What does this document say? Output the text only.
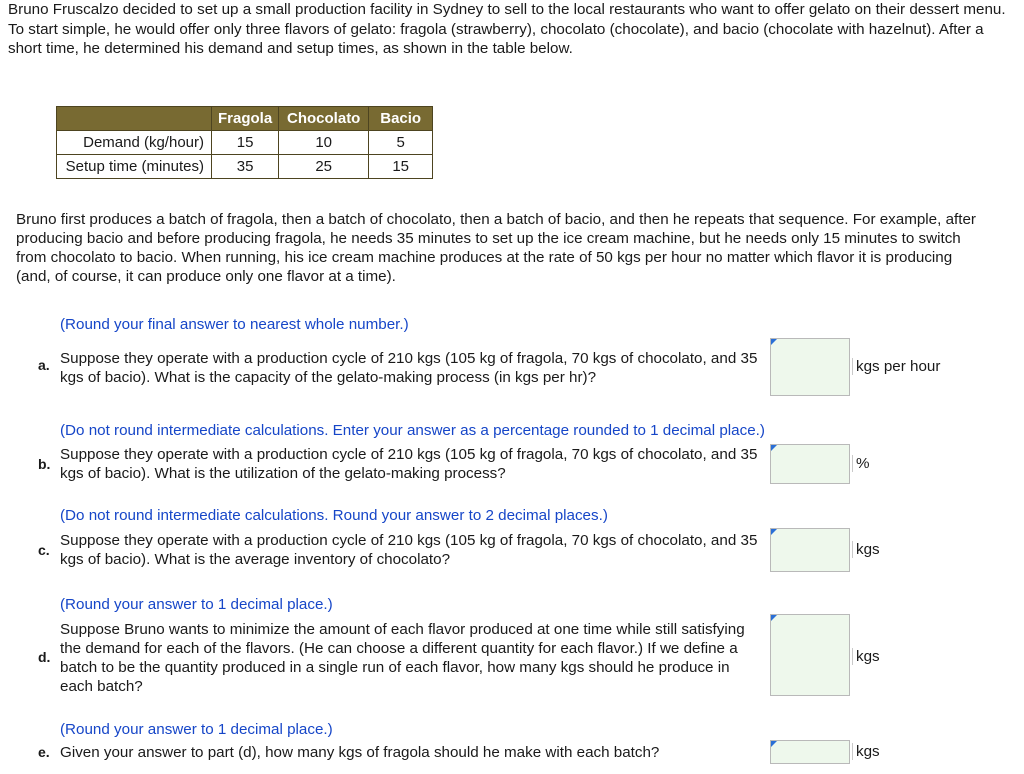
Bruno Fruscalzo decided to set up a small production facility in Sydney to sell to the local restaurants who want to offer gelato on their dessert menu. To start simple, he would offer only three flavors of gelato: fragola (strawberry), chocolato (chocolate), and bacio (chocolate with hazelnut). After a short time, he determined his demand and setup times, as shown in the table below.
	Fragola	Chocolato	Bacio
Demand (kg/hour)	15	10	5
Setup time (minutes)	35	25	15
Bruno first produces a batch of fragola, then a batch of chocolato, then a batch of bacio, and then he repeats that sequence. For example, after producing bacio and before producing fragola, he needs 35 minutes to set up the ice cream machine, but he needs only 15 minutes to switch from chocolato to bacio. When running, his ice cream machine produces at the rate of 50 kgs per hour no matter which flavor it is producing (and, of course, it can produce only one flavor at a time).
(Round your final answer to nearest whole number.)
a. Suppose they operate with a production cycle of 210 kgs (105 kg of fragola, 70 kgs of chocolato, and 35 kgs of bacio). What is the capacity of the gelato-making process (in kgs per hr)?
kgs per hour
(Do not round intermediate calculations. Enter your answer as a percentage rounded to 1 decimal place.)
b.
Suppose they operate with a production cycle of 210 kgs (105 kg of fragola, 70 kgs of chocolato, and 35 kgs of bacio). What is the utilization of the gelato-making process?
%
(Do not round intermediate calculations. Round your answer to 2 decimal places.)
c.
Suppose they operate with a production cycle of 210 kgs (105 kg of fragola, 70 kgs of chocolato, and 35 kgs of bacio). What is the average inventory of chocolato?
kgs
(Round your answer to 1 decimal place.)
d.
Suppose Bruno wants to minimize the amount of each flavor produced at one time while still satisfying the demand for each of the flavors. (He can choose a different quantity for each flavor.) If we define a batch to be the quantity produced in a single run of each flavor, how many kgs should he produce in each batch?
kgs
(Round your answer to 1 decimal place.)
e. Given your answer to part (d), how many kgs of fragola should he make with each batch?	kgs
